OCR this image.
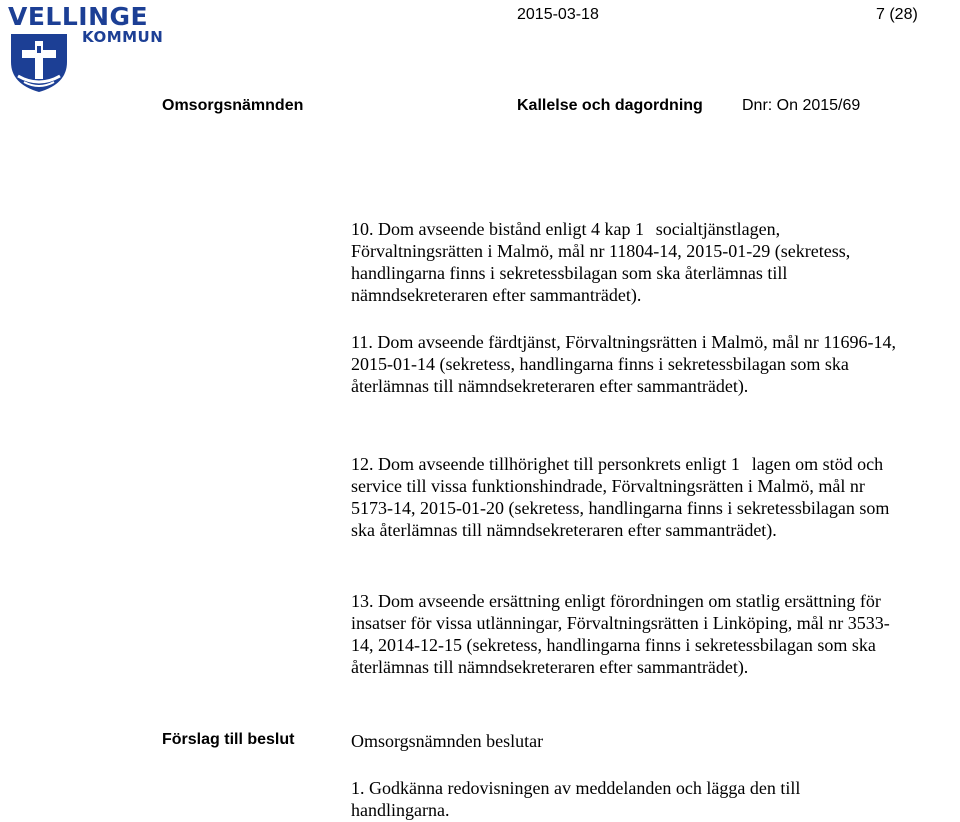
VELLINGE
KOMMUN
2015-03-18	7 (28)
Omsorgsnämnden	Kallelse och dagordning Dnr: On 2015/69

10. Dom avseende bistånd enligt 4 kap 1 socialtjänstlagen, Förvaltningsrätten i Malmö, mål nr 11804-14, 2015-01-29 (sekretess, handlingarna finns i sekretessbilagan som ska återlämnas till nämndsekreteraren efter sammanträdet).

11. Dom avseende färdtjänst, Förvaltningsrätten i Malmö, mål nr 11696-14, 2015-01-14 (sekretess, handlingarna finns i sekretessbilagan som ska återlämnas till nämndsekreteraren efter sammanträdet).

12. Dom avseende tillhörighet till personkrets enligt 1 lagen om stöd och service till vissa funktionshindrade, Förvaltningsrätten i Malmö, mål nr 5173-14, 2015-01-20 (sekretess, handlingarna finns i sekretessbilagan som ska återlämnas till nämndsekreteraren efter sammanträdet).

13. Dom avseende ersättning enligt förordningen om statlig ersättning för insatser för vissa utlänningar, Förvaltningsrätten i Linköping, mål nr 3533-14, 2014-12-15 (sekretess, handlingarna finns i sekretessbilagan som ska återlämnas till nämndsekreteraren efter sammanträdet).

Förslag till beslut	Omsorgsnämnden beslutar
1. Godkänna redovisningen av meddelanden och lägga den till handlingarna.
